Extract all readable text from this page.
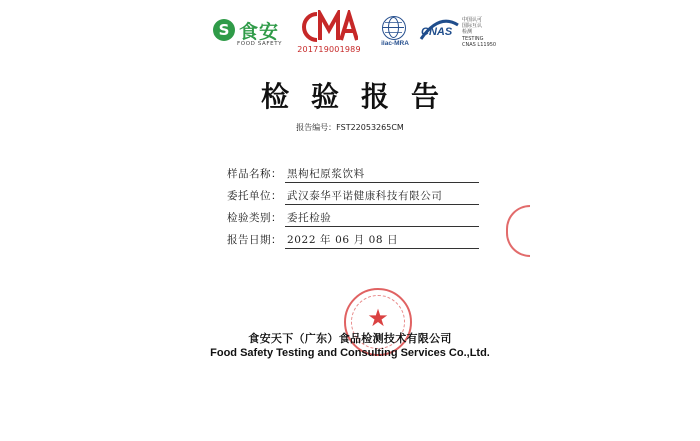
S 食安
FOOD SAFETY
201719001989
ilac-MRA
CNAS
中国认可
国际互认
检测
TESTING
CNAS L11950
检验报告
报告编号：FST22053265CM
样品名称： 黑枸杞原浆饮料
委托单位： 武汉泰华平诺健康科技有限公司
检验类别： 委托检验
报告日期： 2022 年 06 月 08 日
★
食安天下（广东）食品检测技术有限公司
Food Safety Testing and Consulting Services Co.,Ltd.
